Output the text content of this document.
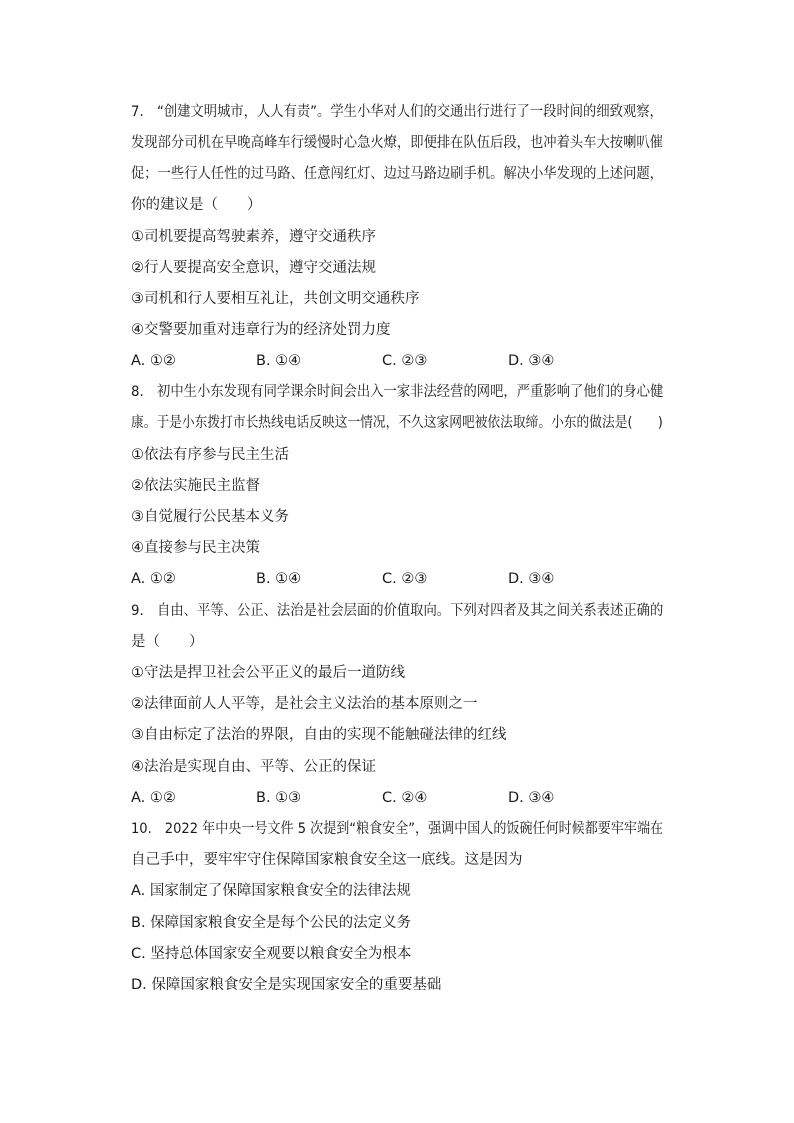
7.　“创建文明城市，人人有责”。学生小华对人们的交通出行进行了一段时间的细致观察，
发现部分司机在早晚高峰车行缓慢时心急火燎，即便排在队伍后段，也冲着头车大按喇叭催
促；一些行人任性的过马路、任意闯红灯、边过马路边刷手机。解决小华发现的上述问题，
你的建议是（　　）
①司机要提高驾驶素养，遵守交通秩序
②行人要提高安全意识，遵守交通法规
③司机和行人要相互礼让，共创文明交通秩序
④交警要加重对违章行为的经济处罚力度
A. ①②	B. ①④	C. ②③	D. ③④
8.　初中生小东发现有同学课余时间会出入一家非法经营的网吧，严重影响了他们的身心健
康。于是小东拨打市长热线电话反映这一情况，不久这家网吧被依法取缔。小东的做法是(　　)
①依法有序参与民主生活
②依法实施民主监督
③自觉履行公民基本义务
④直接参与民主决策
A. ①②	B. ①④	C. ②③	D. ③④
9.　自由、平等、公正、法治是社会层面的价值取向。下列对四者及其之间关系表述正确的
是（　　）
①守法是捍卫社会公平正义的最后一道防线
②法律面前人人平等，是社会主义法治的基本原则之一
③自由标定了法治的界限，自由的实现不能触碰法律的红线
④法治是实现自由、平等、公正的保证
A. ①②	B. ①③	C. ②④	D. ③④
10.　2022 年中央一号文件 5 次提到“粮食安全”，强调中国人的饭碗任何时候都要牢牢端在
自己手中，要牢牢守住保障国家粮食安全这一底线。这是因为
A. 国家制定了保障国家粮食安全的法律法规
B. 保障国家粮食安全是每个公民的法定义务
C. 坚持总体国家安全观要以粮食安全为根本
D. 保障国家粮食安全是实现国家安全的重要基础
